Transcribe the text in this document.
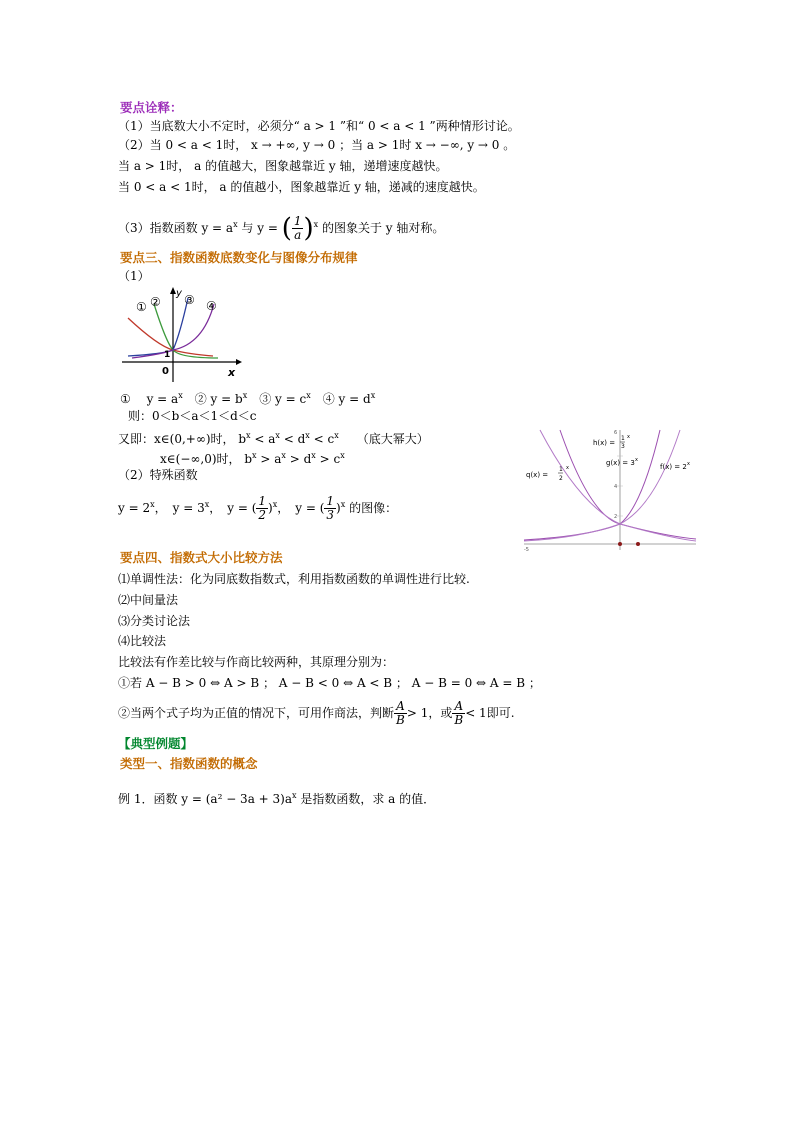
要点诠释：
（1）当底数大小不定时，必须分“ a > 1 ”和“ 0 < a < 1 ”两种情形讨论。
（2）当 0 < a < 1时， x → +∞, y → 0 ；当 a > 1时 x → −∞, y → 0 。
当 a > 1时， a 的值越大，图象越靠近 y 轴，递增速度越快。
当 0 < a < 1时， a 的值越小，图象越靠近 y 轴，递减的速度越快。
（3）指数函数 $y = a^x$ 与 y = ( $\frac{1}{a} )^x$ 的图象关于 y 轴对称。
要点三、指数函数底数变化与图像分布规律
（1）
① ② ③ ④
y
x
0
1
①　 $y = a^x$　② $y = b^x$　③ $y = c^x$　④ $y = d^x$
则：0＜b＜a＜1＜d＜c
又即：x∈(0,+∞)时， $b^x < a^x < d^x < c^x$　　（底大幂大）
x∈(−∞,0)时， $b^x > a^x > d^x > c^x$
（2）特殊函数
$y = 2^x$，　$y = 3^x$，　y = ( $\frac{1}{2} )^x$，　y = ( $\frac{1}{3} )^x$ 的图像：
-5
6
4
2
h(x) =
1
3
x
g(x) = 3 x
f(x) = 2 x
q(x) =
1
2
x
要点四、指数式大小比较方法
⑴单调性法：化为同底数指数式，利用指数函数的单调性进行比较.
⑵中间量法
⑶分类讨论法
⑷比较法
比较法有作差比较与作商比较两种，其原理分别为：
①若 A − B > 0 ⇔ A > B ； A − B < 0 ⇔ A < B ； A − B = 0 ⇔ A = B ；
②当两个式子均为正值的情况下，可用作商法，判断 $\frac{A}{B} > 1$，或 $\frac{A}{B} < 1$即可.
【典型例题】
类型一、指数函数的概念
例 1．函数 $y = (a^2 - 3a + 3)a^x$ 是指数函数，求 a 的值．
